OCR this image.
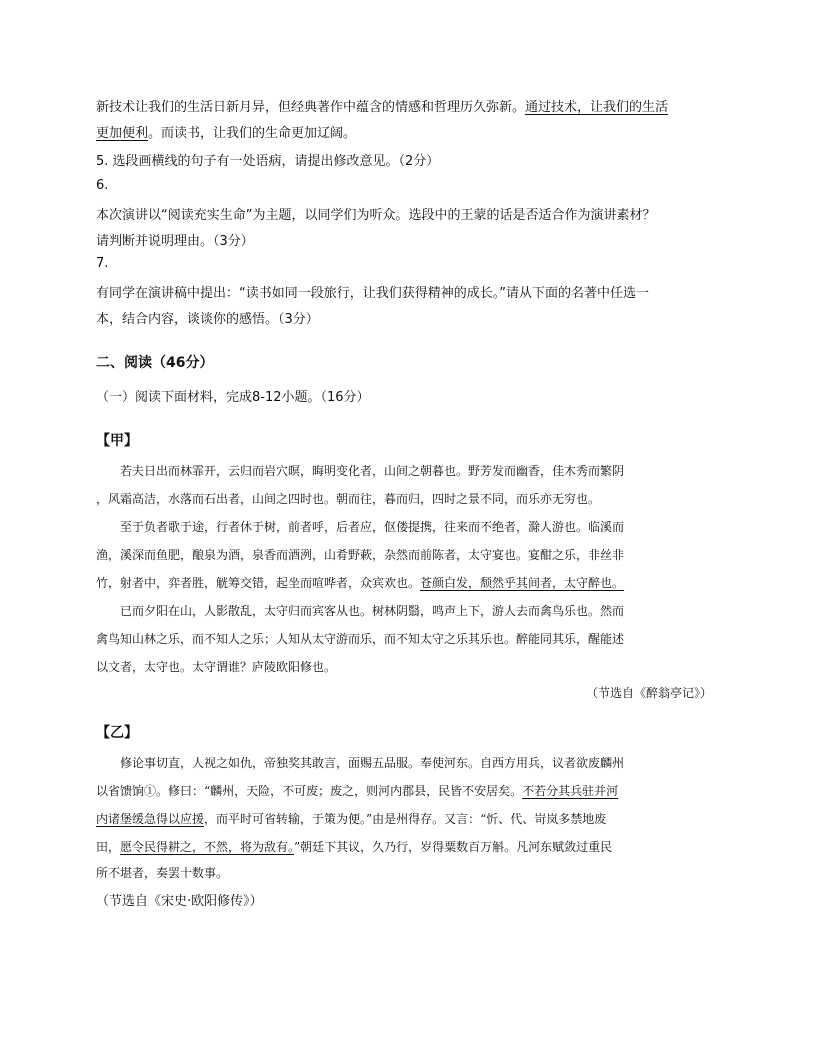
新技术让我们的生活日新月异，但经典著作中蕴含的情感和哲理历久弥新。通过技术，让我们的生活
更加便利。而读书，让我们的生命更加辽阔。
5. 选段画横线的句子有一处语病，请提出修改意见。（2分）
6.
本次演讲以“阅读充实生命”为主题，以同学们为听众。选段中的王蒙的话是否适合作为演讲素材？
请判断并说明理由。（3分）
7.
有同学在演讲稿中提出：“读书如同一段旅行，让我们获得精神的成长。”请从下面的名著中任选一
本，结合内容，谈谈你的感悟。（3分）
二、阅读（46分）
（一）阅读下面材料，完成8-12小题。（16分）
【甲】
若夫日出而林霏开，云归而岩穴暝，晦明变化者，山间之朝暮也。野芳发而幽香，佳木秀而繁阴
，风霜高洁，水落而石出者，山间之四时也。朝而往，暮而归，四时之景不同，而乐亦无穷也。
至于负者歌于途，行者休于树，前者呼，后者应，伛偻提携，往来而不绝者，滁人游也。临溪而
渔，溪深而鱼肥，酿泉为酒，泉香而酒洌，山肴野蔌，杂然而前陈者，太守宴也。宴酣之乐，非丝非
竹，射者中，弈者胜，觥筹交错，起坐而喧哗者，众宾欢也。苍颜白发，颓然乎其间者，太守醉也。
已而夕阳在山，人影散乱，太守归而宾客从也。树林阴翳，鸣声上下，游人去而禽鸟乐也。然而
禽鸟知山林之乐，而不知人之乐；人知从太守游而乐，而不知太守之乐其乐也。醉能同其乐，醒能述
以文者，太守也。太守谓谁？庐陵欧阳修也。
（节选自《醉翁亭记》）
【乙】
修论事切直，人视之如仇，帝独奖其敢言，面赐五品服。奉使河东。自西方用兵，议者欲废麟州
以省馈饷①。修曰：“麟州，天险，不可废；废之，则河内郡县，民皆不安居矣。不若分其兵驻并河
内诸堡缓急得以应援，而平时可省转输，于策为便。”由是州得存。又言：“忻、代、岢岚多禁地废
田，愿令民得耕之，不然，将为敌有。”朝廷下其议，久乃行，岁得粟数百万斛。凡河东赋敛过重民
所不堪者，奏罢十数事。
（节选自《宋史·欧阳修传》）
